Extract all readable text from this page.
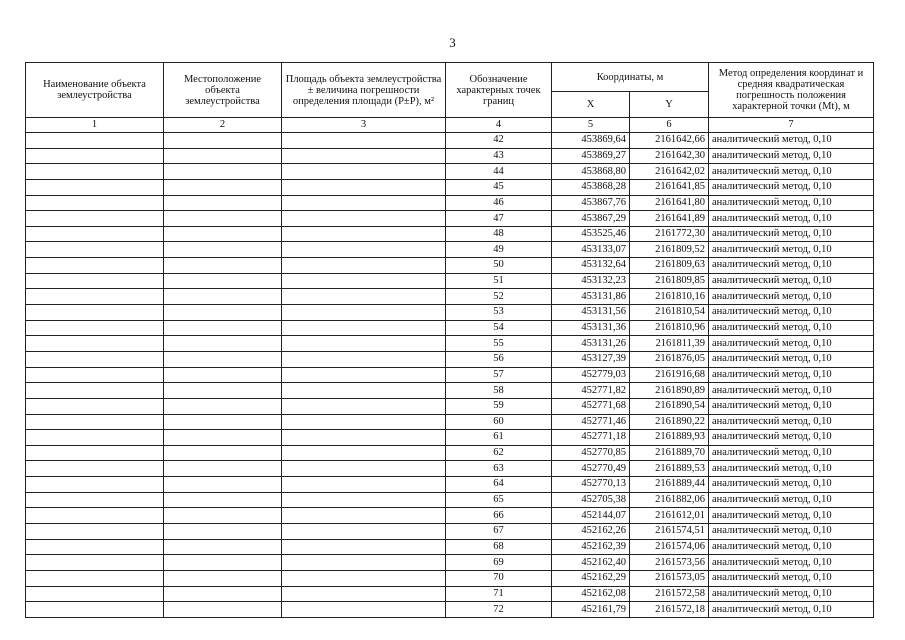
3
Наименование объекта землеустройства	Местоположение объекта землеустройства	Площадь объекта землеустройства ± величина погрешности определения площади (Р±Р), м²	Обозначение характерных точек границ	Координаты, м		Метод определения координат и средняя квадратическая погрешность положения характерной точки (Mt), м
				X	Y	
1	2	3	4	5	6	7
			42	453869,64	2161642,66	аналитический метод, 0,10
			43	453869,27	2161642,30	аналитический метод, 0,10
			44	453868,80	2161642,02	аналитический метод, 0,10
			45	453868,28	2161641,85	аналитический метод, 0,10
			46	453867,76	2161641,80	аналитический метод, 0,10
			47	453867,29	2161641,89	аналитический метод, 0,10
			48	453525,46	2161772,30	аналитический метод, 0,10
			49	453133,07	2161809,52	аналитический метод, 0,10
			50	453132,64	2161809,63	аналитический метод, 0,10
			51	453132,23	2161809,85	аналитический метод, 0,10
			52	453131,86	2161810,16	аналитический метод, 0,10
			53	453131,56	2161810,54	аналитический метод, 0,10
			54	453131,36	2161810,96	аналитический метод, 0,10
			55	453131,26	2161811,39	аналитический метод, 0,10
			56	453127,39	2161876,05	аналитический метод, 0,10
			57	452779,03	2161916,68	аналитический метод, 0,10
			58	452771,82	2161890,89	аналитический метод, 0,10
			59	452771,68	2161890,54	аналитический метод, 0,10
			60	452771,46	2161890,22	аналитический метод, 0,10
			61	452771,18	2161889,93	аналитический метод, 0,10
			62	452770,85	2161889,70	аналитический метод, 0,10
			63	452770,49	2161889,53	аналитический метод, 0,10
			64	452770,13	2161889,44	аналитический метод, 0,10
			65	452705,38	2161882,06	аналитический метод, 0,10
			66	452144,07	2161612,01	аналитический метод, 0,10
			67	452162,26	2161574,51	аналитический метод, 0,10
			68	452162,39	2161574,06	аналитический метод, 0,10
			69	452162,40	2161573,56	аналитический метод, 0,10
			70	452162,29	2161573,05	аналитический метод, 0,10
			71	452162,08	2161572,58	аналитический метод, 0,10
			72	452161,79	2161572,18	аналитический метод, 0,10
